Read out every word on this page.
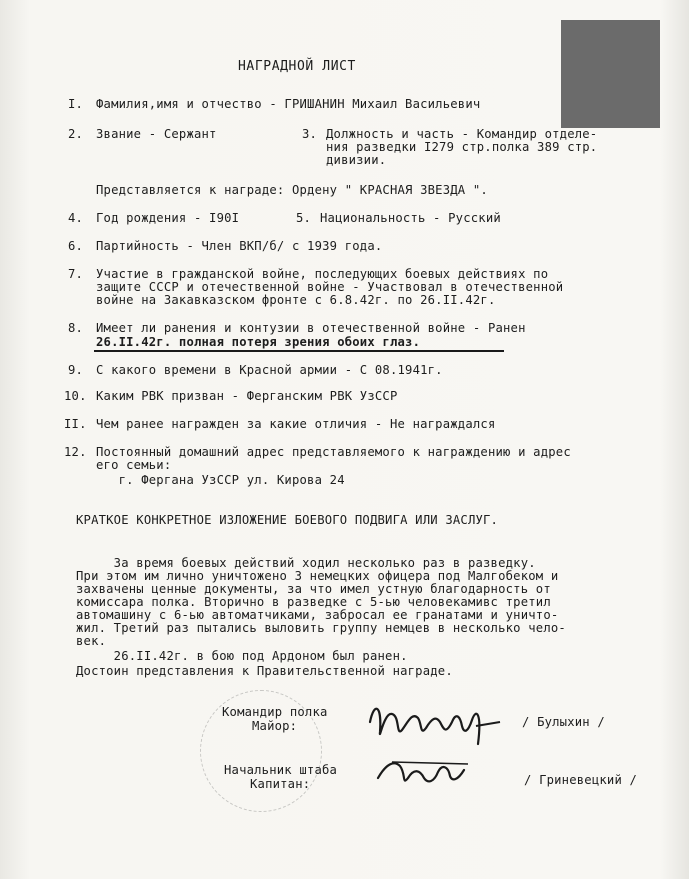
НАГРАДНОЙ ЛИСТ
I. Фамилия,имя и отчество - ГРИШАНИН Михаил Васильевич
2. Звание - Сержант	3. Должность и часть - Командир отделе-
ния разведки I279 стр.полка 389 стр.
дивизии.
Представляется к награде: Ордену " КРАСНАЯ ЗВЕЗДА ".
4. Год рождения - I90I	5. Национальность - Русский
6. Партийность - Член ВКП/б/ с 1939 года.
7. Участие в гражданской войне, последующих боевых действиях по
защите СССР и отечественной войне - Участвовал в отечественной
войне на Закавказском фронте с 6.8.42г. по 26.II.42г.
8. Имеет ли ранения и контузии в отечественной войне - Ранен
26.II.42г. полная потеря зрения обоих глаз.
9. С какого времени в Красной армии - С 08.1941г.
10. Каким РВК призван - Ферганским РВК УзССР
II. Чем ранее награжден за какие отличия - Не награждался
12. Постоянный домашний адрес представляемого к награждению и адрес
его семьи:
г. Фергана УзССР ул. Кирова 24
КРАТКОЕ КОНКРЕТНОЕ ИЗЛОЖЕНИЕ БОЕВОГО ПОДВИГА ИЛИ ЗАСЛУГ.
За время боевых действий ходил несколько раз в разведку.
При этом им лично уничтожено 3 немецких офицера под Малгобеком и
захвачены ценные документы, за что имел устную благодарность от
комиссара полка. Вторично в разведке с 5-ью человекамивс третил
автомашину с 6-ью автоматчиками, забросал ее гранатами и уничто-
жил. Третий раз пытались выловить группу немцев в несколько чело-
век.
26.II.42г. в бою под Ардоном был ранен.
Достоин представления к Правительственной награде.
Командир полка
Майор:	/ Булыхин /
Начальник штаба
Капитан:	/ Гриневецкий /
